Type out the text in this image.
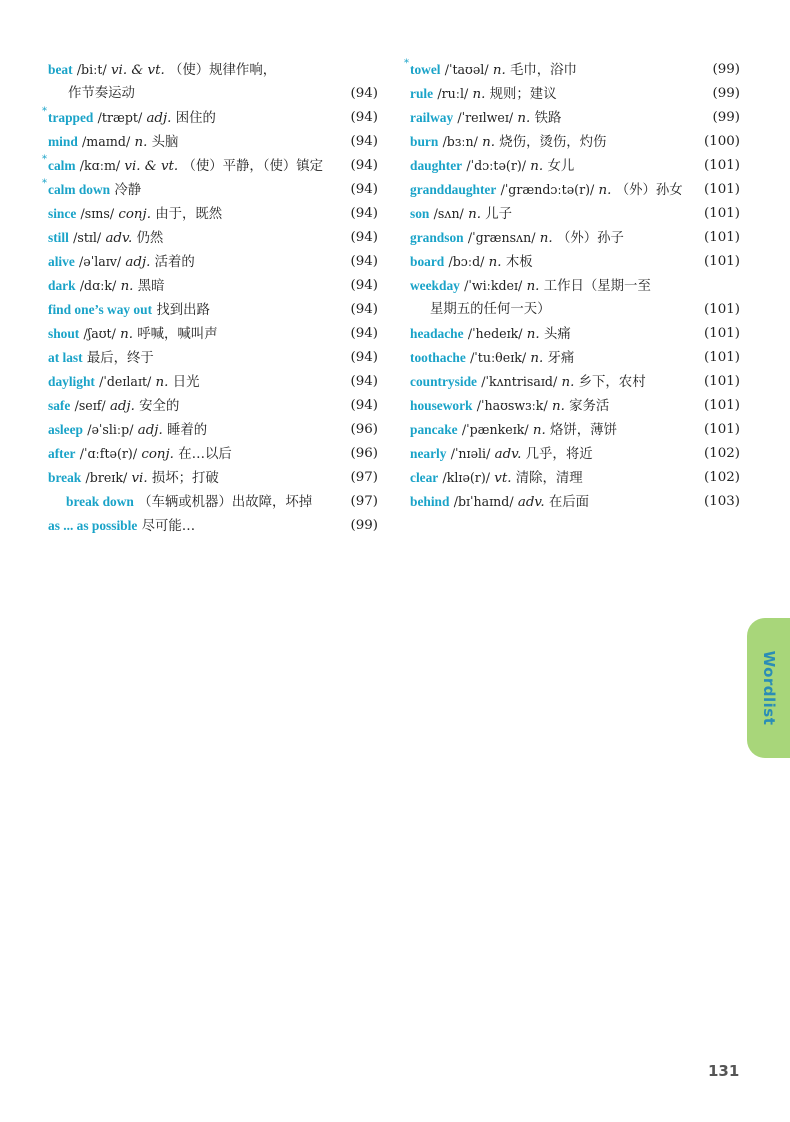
beat /biːt/ vi. & vt. （使）规律作响，
作节奏运动	(94)
* trapped /træpt/ adj. 困住的	(94)
mind /maɪnd/ n. 头脑	(94)
* calm /kɑːm/ vi. & vt. （使）平静，（使）镇定 (94)
* calm down 冷静	(94)
since /sɪns/ conj. 由于，既然	(94)
still /stɪl/ adv. 仍然	(94)
alive /əˈlaɪv/ adj. 活着的	(94)
dark /dɑːk/ n. 黑暗	(94)
find one’s way out 找到出路	(94)
shout /ʃaʊt/ n. 呼喊，喊叫声	(94)
at last 最后，终于	(94)
daylight /ˈdeɪlaɪt/ n. 日光	(94)
safe /seɪf/ adj. 安全的	(94)
asleep /əˈsliːp/ adj. 睡着的	(96)
after /ˈɑːftə(r)/ conj. 在…以后	(96)
break /breɪk/ vi. 损坏；打破	(97)
break down （车辆或机器）出故障，坏掉	(97)
as ... as possible 尽可能…	(99)
* towel /ˈtaʊəl/ n. 毛巾，浴巾	(99)
rule /ruːl/ n. 规则；建议	(99)
railway /ˈreɪlweɪ/ n. 铁路	(99)
burn /bɜːn/ n. 烧伤，烫伤，灼伤	(100)
daughter /ˈdɔːtə(r)/ n. 女儿	(101)
granddaughter /ˈgrændɔːtə(r)/ n. （外）孙女 (101)
son /sʌn/ n. 儿子	(101)
grandson /ˈgrænsʌn/ n. （外）孙子	(101)
board /bɔːd/ n. 木板	(101)
weekday /ˈwiːkdeɪ/ n. 工作日（星期一至
星期五的任何一天）	(101)
headache /ˈhedeɪk/ n. 头痛	(101)
toothache /ˈtuːθeɪk/ n. 牙痛	(101)
countryside /ˈkʌntrisaɪd/ n. 乡下，农村	(101)
housework /ˈhaʊswɜːk/ n. 家务活	(101)
pancake /ˈpænkeɪk/ n. 烙饼，薄饼	(101)
nearly /ˈnɪəli/ adv. 几乎，将近	(102)
clear /klɪə(r)/ vt. 清除，清理	(102)
behind /bɪˈhaɪnd/ adv. 在后面	(103)
Wordlist
131
